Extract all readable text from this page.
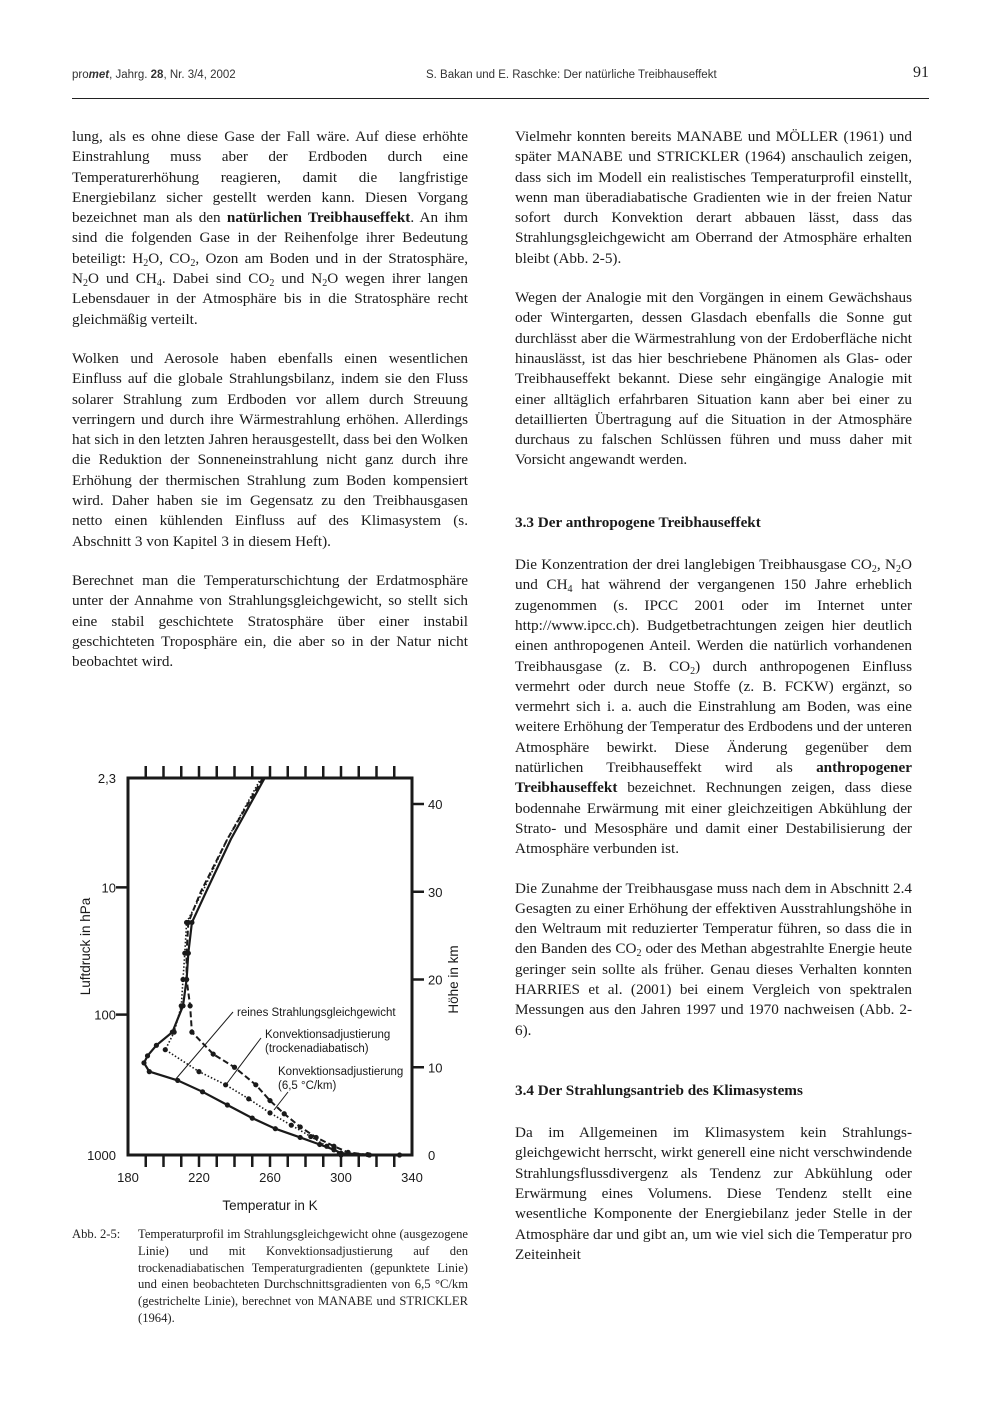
promet, Jahrg. 28, Nr. 3/4, 2002	S. Bakan und E. Raschke: Der natürliche Treibhauseffekt	91

lung, als es ohne diese Gase der Fall wäre. Auf diese erhöhte Einstrahlung muss aber der Erdboden durch eine Temperaturerhöhung reagieren, damit die langfristige Energiebilanz sicher gestellt werden kann. Diesen Vorgang bezeichnet man als den natürlichen Treibhauseffekt. An ihm sind die folgenden Gase in der Reihenfolge ihrer Bedeutung beteiligt: $H_2O$, $CO_2$, Ozon am Boden und in der Stratosphäre, $N_2O$ und $CH_4$. Dabei sind $CO_2$ und $N_2O$ wegen ihrer langen Lebensdauer in der Atmosphäre bis in die Stratosphäre recht gleichmäßig verteilt.

Wolken und Aerosole haben ebenfalls einen wesentlichen Einfluss auf die globale Strahlungsbilanz, indem sie den Fluss solarer Strahlung zum Erdboden vor allem durch Streuung verringern und durch ihre Wärmestrahlung erhöhen. Allerdings hat sich in den letzten Jahren herausgestellt, dass bei den Wolken die Reduktion der Sonneneinstrahlung nicht ganz durch ihre Erhöhung der thermischen Strahlung zum Boden kompensiert wird. Daher haben sie im Gegensatz zu den Treibhausgasen netto einen kühlenden Einfluss auf des Klimasystem (s. Abschnitt 3 von Kapitel 3 in diesem Heft).

Berechnet man die Temperaturschichtung der Erdatmosphäre unter der Annahme von Strahlungsgleichgewicht, so stellt sich eine stabil geschichtete Stratosphäre über einer instabil geschichteten Troposphäre ein, die aber so in der Natur nicht beobachtet wird.

180	220	260	300	340
Temperatur in K
2,3
10
100
1000
Luftdruck in hPa
0
10
20
30
40
Höhe in km
reines Strahlungsgleichgewicht
Konvektionsadjustierung
(trockenadiabatisch)
Konvektionsadjustierung
(6,5 °C/km)
Abb. 2-5: Temperaturprofil im Strahlungsgleichgewicht ohne (ausgezogene Linie) und mit Konvektionsadjustierung auf den trockenadiabatischen Temperaturgradienten (gepunktete Linie) und einen beobachteten Durchschnittsgradienten von 6,5 °C/km (gestrichelte Linie), berechnet von MANABE und STRICKLER (1964).

Vielmehr konnten bereits MANABE und MÖLLER (1961) und später MANABE und STRICKLER (1964) anschaulich zeigen, dass sich im Modell ein realistisches Temperaturprofil einstellt, wenn man überadiabatische Gradienten wie in der freien Natur sofort durch Konvektion derart abbauen lässt, dass das Strahlungsgleichgewicht am Oberrand der Atmosphäre erhalten bleibt (Abb. 2-5).

Wegen der Analogie mit den Vorgängen in einem Gewächshaus oder Wintergarten, dessen Glasdach ebenfalls die Sonne gut durchlässt aber die Wärmestrahlung von der Erdoberfläche nicht hinauslässt, ist das hier beschriebene Phänomen als Glas- oder Treibhauseffekt bekannt. Diese sehr eingängige Analogie mit einer alltäglich erfahrbaren Situation kann aber bei einer zu detaillierten Übertragung auf die Situation in der Atmosphäre durchaus zu falschen Schlüssen führen und muss daher mit Vorsicht angewandt werden.

3.3 Der anthropogene Treibhauseffekt

Die Konzentration der drei langlebigen Treibhausgase $CO_2$, $N_2O$ und $CH_4$ hat während der vergangenen 150 Jahre erheblich zugenommen (s. IPCC 2001 oder im Internet unter http://www.ipcc.ch). Budgetbetrachtungen zeigen hier deutlich einen anthropogenen Anteil. Werden die natürlich vorhandenen Treibhausgase (z. B. $CO_2$) durch anthropogenen Einfluss vermehrt oder durch neue Stoffe (z. B. FCKW) ergänzt, so vermehrt sich i. a. auch die Einstrahlung am Boden, was eine weitere Erhöhung der Temperatur des Erdbodens und der unteren Atmosphäre bewirkt. Diese Änderung gegenüber dem natürlichen Treibhauseffekt wird als anthropogener Treibhauseffekt bezeichnet. Rechnungen zeigen, dass diese bodennahe Erwärmung mit einer gleichzeitigen Abkühlung der Strato- und Mesosphäre und damit einer Destabilisierung der Atmosphäre verbunden ist.

Die Zunahme der Treibhausgase muss nach dem in Abschnitt 2.4 Gesagten zu einer Erhöhung der effektiven Ausstrahlungshöhe in den Weltraum mit reduzierter Temperatur führen, so dass die in den Banden des $CO_2$ oder des Methan abgestrahlte Energie heute geringer sein sollte als früher. Genau dieses Verhalten konnten HARRIES et al. (2001) bei einem Vergleich von spektralen Messungen aus den Jahren 1997 und 1970 nachweisen (Abb. 2-6).

3.4 Der Strahlungsantrieb des Klimasystems

Da im Allgemeinen im Klimasystem kein Strahlungsgleichgewicht herrscht, wirkt generell eine nicht verschwindende Strahlungsflussdivergenz als Tendenz zur Abkühlung oder Erwärmung eines Volumens. Diese Tendenz stellt eine wesentliche Komponente der Energiebilanz jeder Stelle in der Atmosphäre dar und gibt an, um wie viel sich die Temperatur pro Zeiteinheit
